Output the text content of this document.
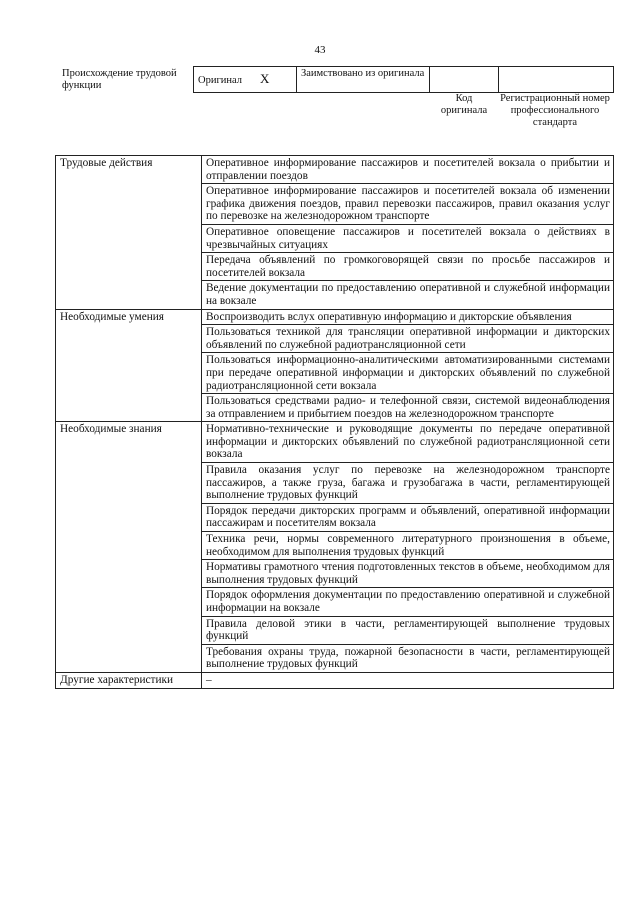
43
Происхождение трудовой функции	Оригинал X	Заимствовано из оригинала		
Код оригинала
Регистрационный номер профессионального стандарта
Трудовые действия	Оперативное информирование пассажиров и посетителей вокзала о прибытии и отправлении поездов
	Оперативное информирование пассажиров и посетителей вокзала об изменении графика движения поездов, правил перевозки пассажиров, правил оказания услуг по перевозке на железнодорожном транспорте
	Оперативное оповещение пассажиров и посетителей вокзала о действиях в чрезвычайных ситуациях
	Передача объявлений по громкоговорящей связи по просьбе пассажиров и посетителей вокзала
	Ведение документации по предоставлению оперативной и служебной информации на вокзале
Необходимые умения	Воспроизводить вслух оперативную информацию и дикторские объявления
	Пользоваться техникой для трансляции оперативной информации и дикторских объявлений по служебной радиотрансляционной сети
	Пользоваться информационно-аналитическими автоматизированными системами при передаче оперативной информации и дикторских объявлений по служебной радиотрансляционной сети вокзала
	Пользоваться средствами радио- и телефонной связи, системой видеонаблюдения за отправлением и прибытием поездов на железнодорожном транспорте
Необходимые знания	Нормативно-технические и руководящие документы по передаче оперативной информации и дикторских объявлений по служебной радиотрансляционной сети вокзала
	Правила оказания услуг по перевозке на железнодорожном транспорте пассажиров, а также груза, багажа и грузобагажа в части, регламентирующей выполнение трудовых функций
	Порядок передачи дикторских программ и объявлений, оперативной информации пассажирам и посетителям вокзала
	Техника речи, нормы современного литературного произношения в объеме, необходимом для выполнения трудовых функций
	Нормативы грамотного чтения подготовленных текстов в объеме, необходимом для выполнения трудовых функций
	Порядок оформления документации по предоставлению оперативной и служебной информации на вокзале
	Правила деловой этики в части, регламентирующей выполнение трудовых функций
	Требования охраны труда, пожарной безопасности в части, регламентирующей выполнение трудовых функций
Другие характеристики	–
